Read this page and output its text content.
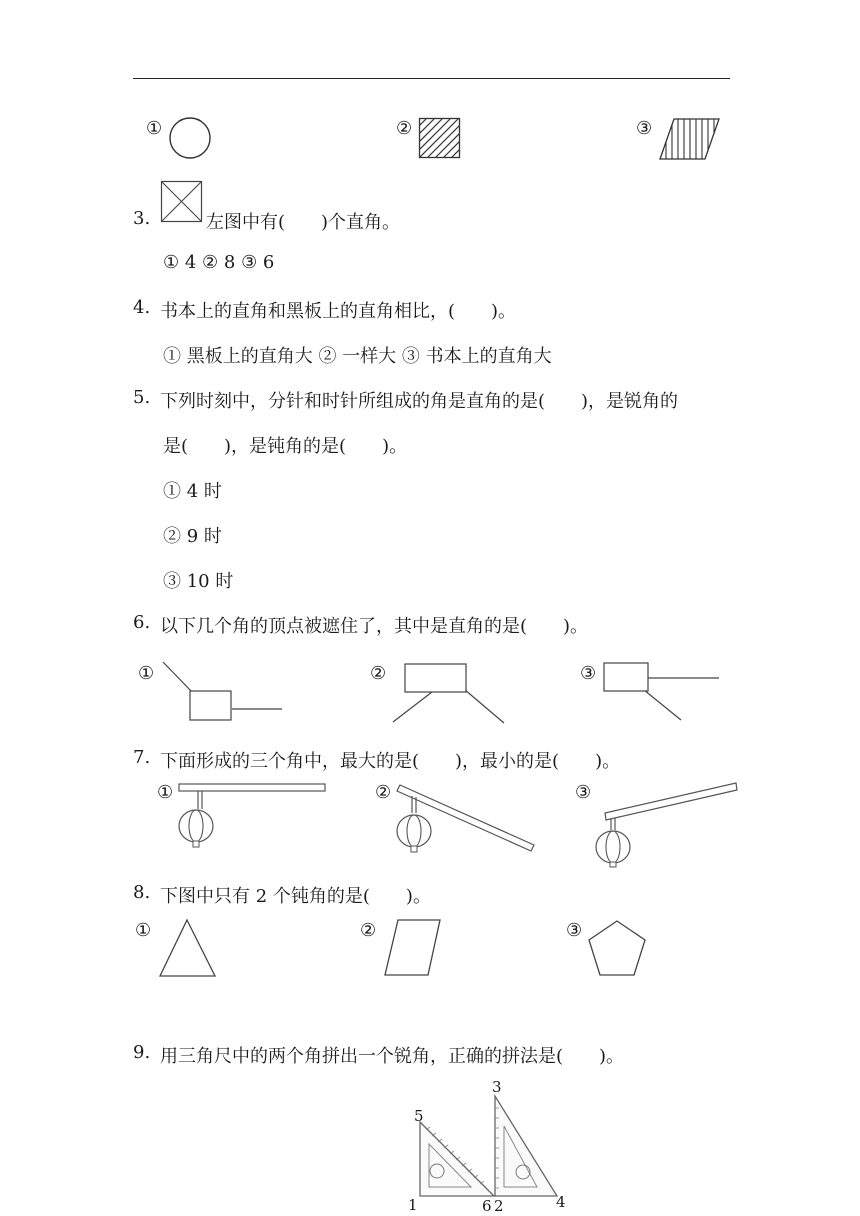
①	②	③
3.	左图中有(　　)个直角。
① 4 ② 8 ③ 6
4. 书本上的直角和黑板上的直角相比，(　　)。
① 黑板上的直角大 ② 一样大 ③ 书本上的直角大
5. 下列时刻中，分针和时针所组成的角是直角的是(　　)，是锐角的
是(　　)，是钝角的是(　　)。
① 4 时
② 9 时
③ 10 时
6. 以下几个角的顶点被遮住了，其中是直角的是(　　)。
①	②	③
7. 下面形成的三个角中，最大的是(　　)，最小的是(　　)。
①	②	③
8. 下图中只有 2 个钝角的是(　　)。
①	②	③
9. 用三角尺中的两个角拼出一个锐角，正确的拼法是(　　)。
5
1	6 2
3
4
